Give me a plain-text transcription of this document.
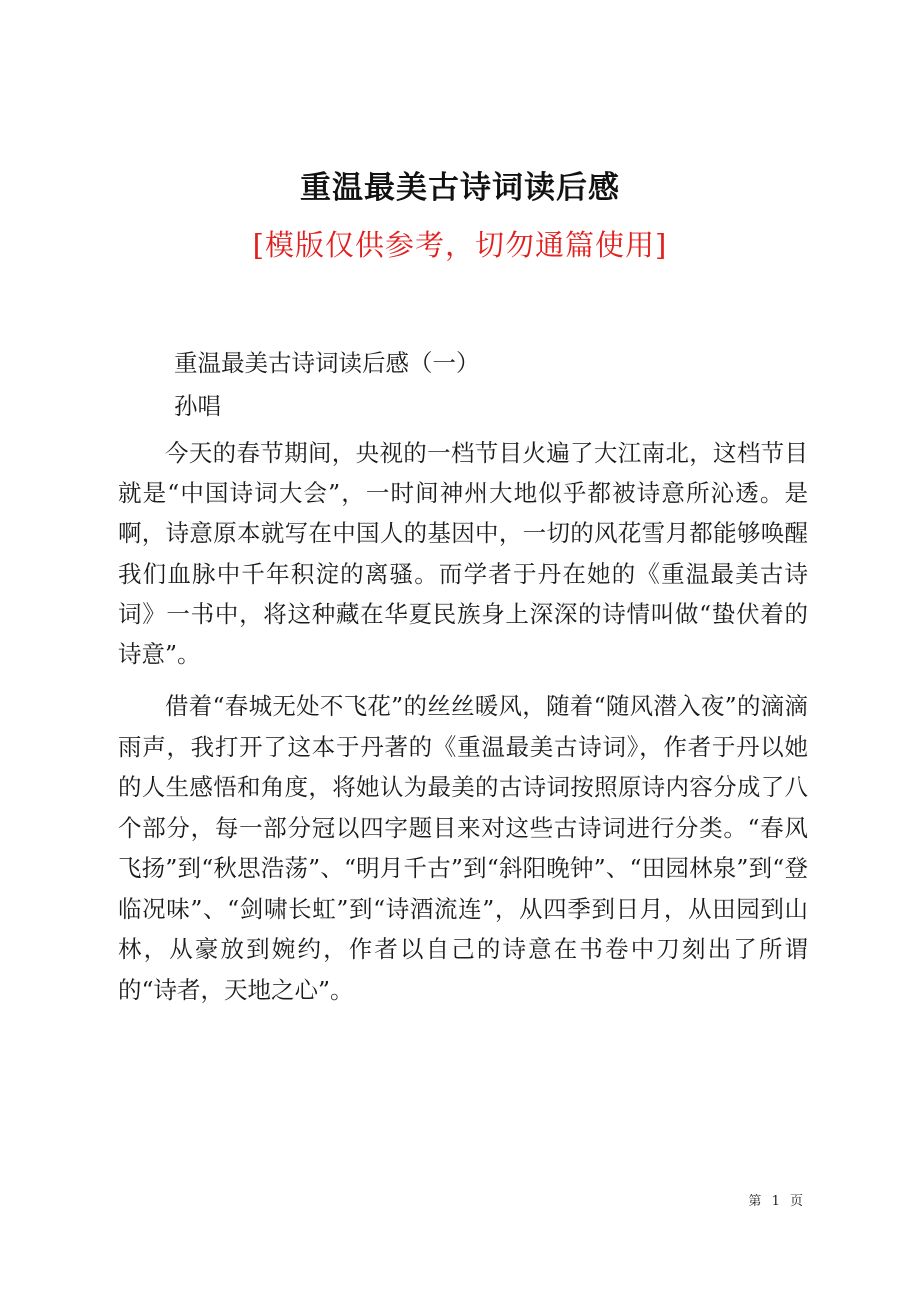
重温最美古诗词读后感
[模版仅供参考，切勿通篇使用]

重温最美古诗词读后感（一）

孙唱

今天的春节期间，央视的一档节目火遍了大江南北，这档节目就是“中国诗词大会”，一时间神州大地似乎都被诗意所沁透。是啊，诗意原本就写在中国人的基因中，一切的风花雪月都能够唤醒我们血脉中千年积淀的离骚。而学者于丹在她的《重温最美古诗词》一书中，将这种藏在华夏民族身上深深的诗情叫做“蛰伏着的诗意”。

借着“春城无处不飞花”的丝丝暖风，随着“随风潜入夜”的滴滴雨声，我打开了这本于丹著的《重温最美古诗词》，作者于丹以她的人生感悟和角度，将她认为最美的古诗词按照原诗内容分成了八个部分，每一部分冠以四字题目来对这些古诗词进行分类。“春风飞扬”到“秋思浩荡”、“明月千古”到“斜阳晚钟”、“田园林泉”到“登临况味”、“剑啸长虹”到“诗酒流连”，从四季到日月，从田园到山林，从豪放到婉约，作者以自己的诗意在书卷中刀刻出了所谓的“诗者，天地之心”。

第 1 页
